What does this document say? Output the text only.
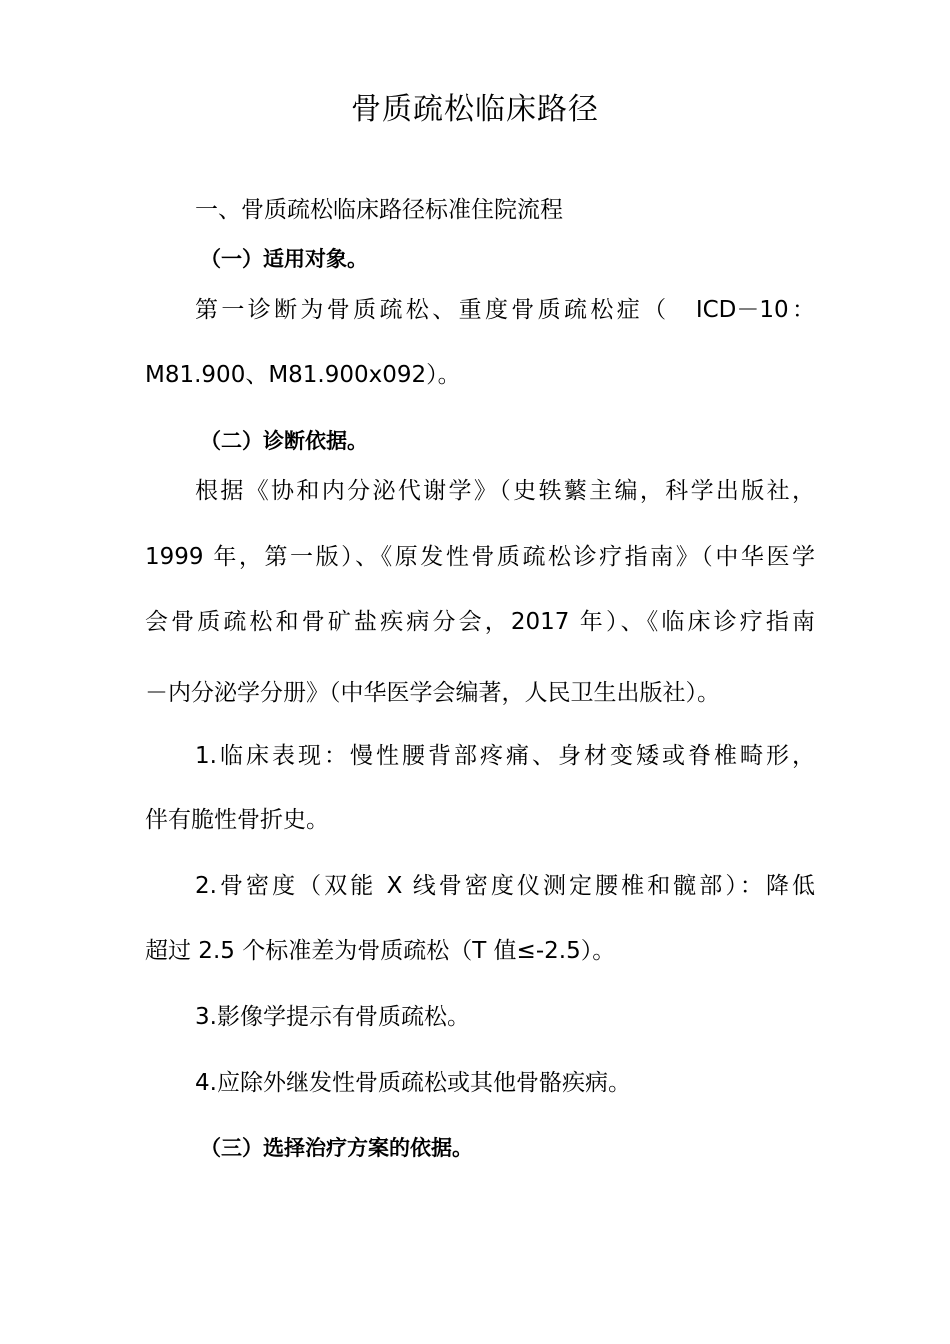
骨质疏松临床路径
一、骨质疏松临床路径标准住院流程
（一）适用对象。
第一诊断为骨质疏松、重度骨质疏松症（　ICD－10：
M81.900、M81.900x092）。
（二）诊断依据。
根据《协和内分泌代谢学》（史轶蘩主编，科学出版社，
1999 年，第一版）、《原发性骨质疏松诊疗指南》（中华医学
会骨质疏松和骨矿盐疾病分会，2017 年）、《临床诊疗指南
－内分泌学分册》（中华医学会编著，人民卫生出版社）。
1.临床表现：慢性腰背部疼痛、身材变矮或脊椎畸形，
伴有脆性骨折史。
2.骨密度（双能 X 线骨密度仪测定腰椎和髋部）：降低
超过 2.5 个标准差为骨质疏松（T 值≤-2.5）。
3.影像学提示有骨质疏松。
4.应除外继发性骨质疏松或其他骨骼疾病。
（三）选择治疗方案的依据。
